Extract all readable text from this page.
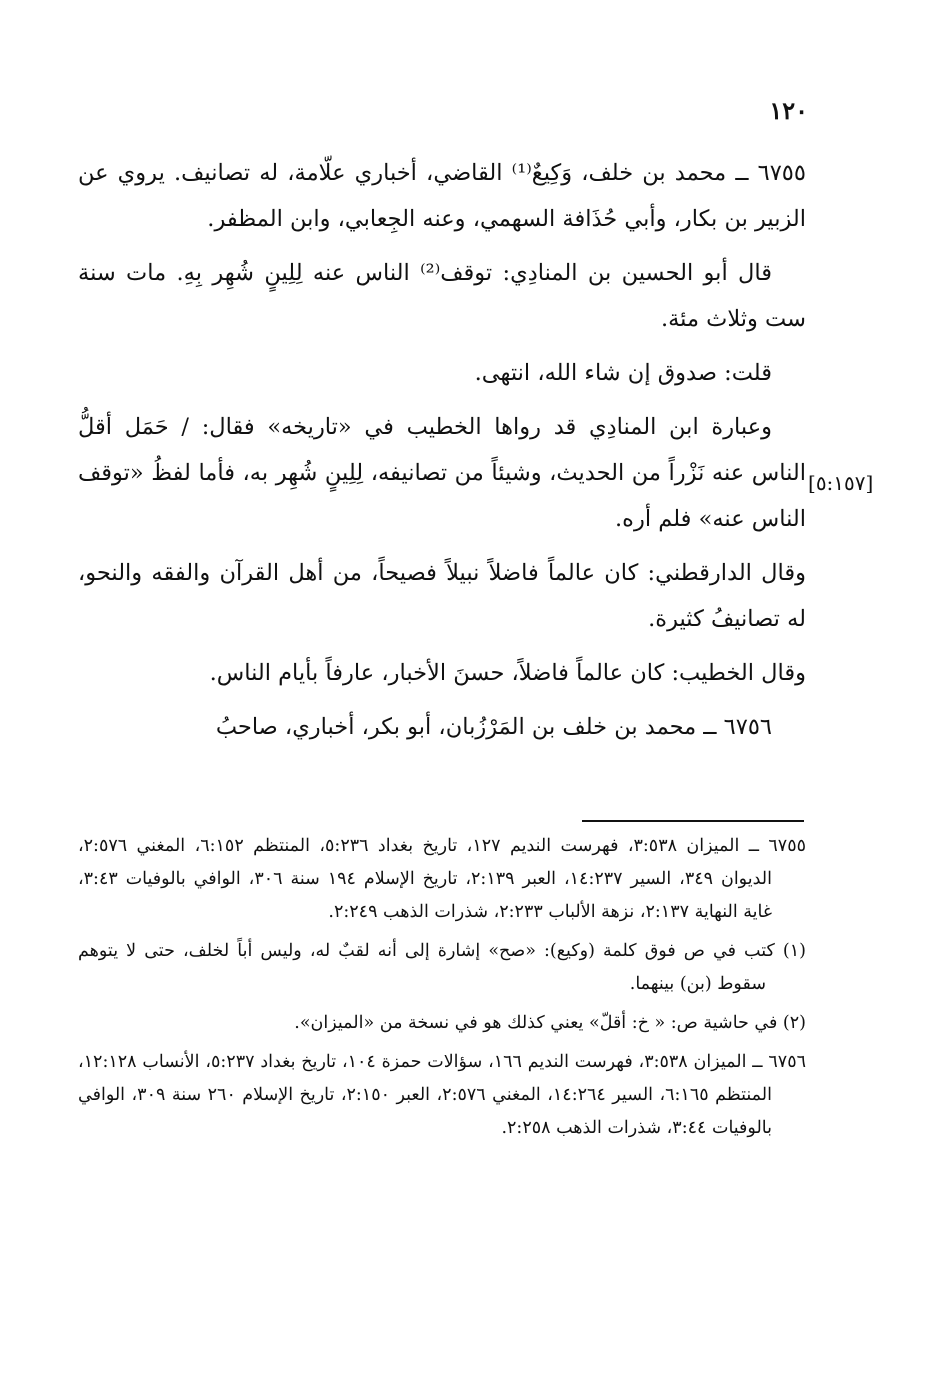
١٢٠
[٥:١٥٧]

٦٧٥٥ ــ محمد بن خلف، وَكِيعٌ⁽¹⁾ القاضي، أخباري علّامة، له تصانيف. يروي عن الزبير بن بكار، وأبي حُذَافة السهمي، وعنه الجِعابي، وابن المظفر.

قال أبو الحسين بن المنادِي: توقف⁽²⁾ الناس عنه لِلِينٍ شُهِر بِهِ. مات سنة ست وثلاث مئة.

قلت: صدوق إن شاء الله، انتهى.

وعبارة ابن المنادِي قد رواها الخطيب في «تاريخه» فقال: / حَمَل أقلُّ الناس عنه نَزْراً من الحديث، وشيئاً من تصانيفه، لِلِينٍ شُهِر به، فأما لفظُ «توقف الناس عنه» فلم أره.

وقال الدارقطني: كان عالماً فاضلاً نبيلاً فصيحاً، من أهل القرآن والفقه والنحو، له تصانيفُ كثيرة.

وقال الخطيب: كان عالماً فاضلاً، حسنَ الأخبار، عارفاً بأيام الناس.

٦٧٥٦ ــ محمد بن خلف بن المَرْزُبان، أبو بكر، أخباري، صاحبُ

٦٧٥٥ ــ الميزان ٣:٥٣٨، فهرست النديم ١٢٧، تاريخ بغداد ٥:٢٣٦، المنتظم ٦:١٥٢، المغني ٢:٥٧٦، الديوان ٣٤٩، السير ١٤:٢٣٧، العبر ٢:١٣٩، تاريخ الإسلام ١٩٤ سنة ٣٠٦، الوافي بالوفيات ٣:٤٣، غاية النهاية ٢:١٣٧، نزهة الألباب ٢:٢٣٣، شذرات الذهب ٢:٢٤٩.

(١) كتب في ص فوق كلمة (وكيع): «صح» إشارة إلى أنه لقبٌ له، وليس أباً لخلف، حتى لا يتوهم سقوط (بن) بينهما.

(٢) في حاشية ص: « خ: أقلّ» يعني كذلك هو في نسخة من «الميزان».

٦٧٥٦ ــ الميزان ٣:٥٣٨، فهرست النديم ١٦٦، سؤالات حمزة ١٠٤، تاريخ بغداد ٥:٢٣٧، الأنساب ١٢:١٢٨، المنتظم ٦:١٦٥، السير ١٤:٢٦٤، المغني ٢:٥٧٦، العبر ٢:١٥٠، تاريخ الإسلام ٢٦٠ سنة ٣٠٩، الوافي بالوفيات ٣:٤٤، شذرات الذهب ٢:٢٥٨.
